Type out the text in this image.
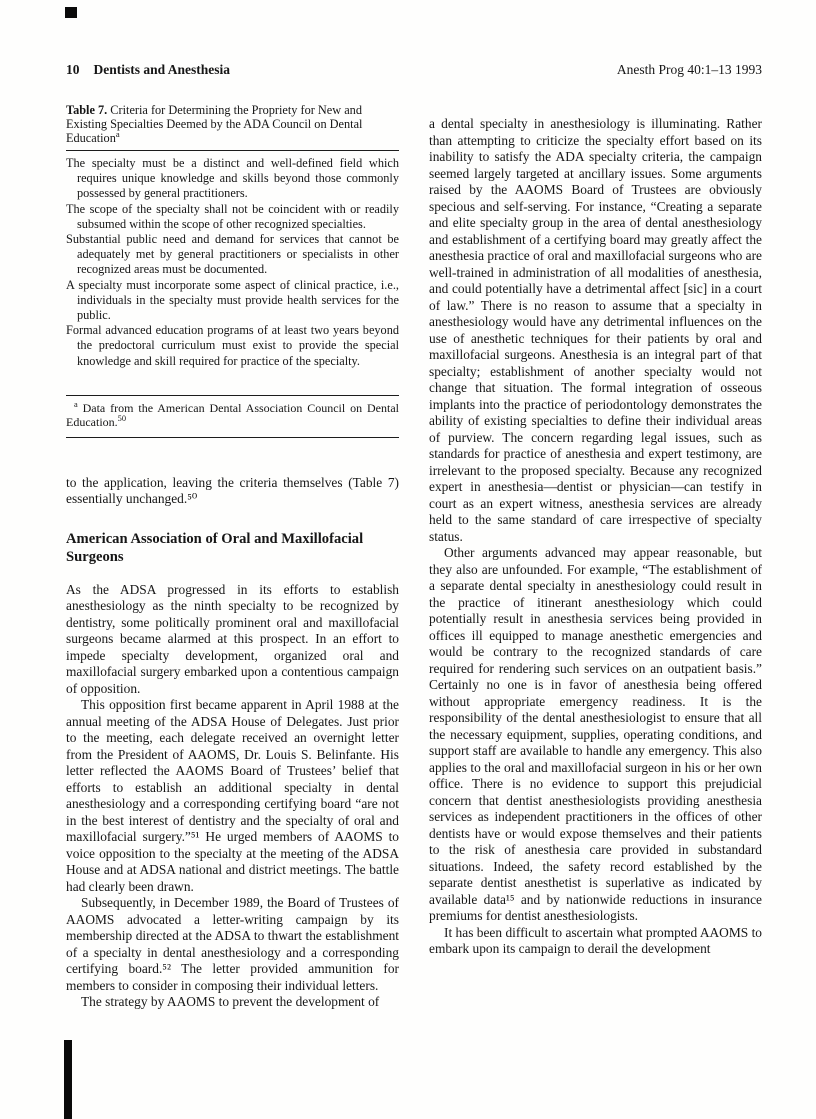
10 Dentists and Anesthesia	Anesth Prog 40:1–13 1993

Table 7. Criteria for Determining the Propriety for New and Existing Specialties Deemed by the ADA Council on Dental Education$^a$

The specialty must be a distinct and well-defined field which requires unique knowledge and skills beyond those commonly possessed by general practitioners.

The scope of the specialty shall not be coincident with or readily subsumed within the scope of other recognized specialties.

Substantial public need and demand for services that cannot be adequately met by general practitioners or specialists in other recognized areas must be documented.

A specialty must incorporate some aspect of clinical practice, i.e., individuals in the specialty must provide health services for the public.

Formal advanced education programs of at least two years beyond the predoctoral curriculum must exist to provide the special knowledge and skill required for practice of the specialty.

$^a$ Data from the American Dental Association Council on Dental Education.$^{50}$

to the application, leaving the criteria themselves (Table 7) essentially unchanged.⁵⁰

American Association of Oral and Maxillofacial Surgeons

As the ADSA progressed in its efforts to establish anesthesiology as the ninth specialty to be recognized by dentistry, some politically prominent oral and maxillofacial surgeons became alarmed at this prospect. In an effort to impede specialty development, organized oral and maxillofacial surgery embarked upon a contentious campaign of opposition.

This opposition first became apparent in April 1988 at the annual meeting of the ADSA House of Delegates. Just prior to the meeting, each delegate received an overnight letter from the President of AAOMS, Dr. Louis S. Belinfante. His letter reflected the AAOMS Board of Trustees’ belief that efforts to establish an additional specialty in dental anesthesiology and a corresponding certifying board “are not in the best interest of dentistry and the specialty of oral and maxillofacial surgery.”⁵¹ He urged members of AAOMS to voice opposition to the specialty at the meeting of the ADSA House and at ADSA national and district meetings. The battle had clearly been drawn.

Subsequently, in December 1989, the Board of Trustees of AAOMS advocated a letter-writing campaign by its membership directed at the ADSA to thwart the establishment of a specialty in dental anesthesiology and a corresponding certifying board.⁵² The letter provided ammunition for members to consider in composing their individual letters.

The strategy by AAOMS to prevent the development of

a dental specialty in anesthesiology is illuminating. Rather than attempting to criticize the specialty effort based on its inability to satisfy the ADA specialty criteria, the campaign seemed largely targeted at ancillary issues. Some arguments raised by the AAOMS Board of Trustees are obviously specious and self-serving. For instance, “Creating a separate and elite specialty group in the area of dental anesthesiology and establishment of a certifying board may greatly affect the anesthesia practice of oral and maxillofacial surgeons who are well-trained in administration of all modalities of anesthesia, and could potentially have a detrimental affect [sic] in a court of law.” There is no reason to assume that a specialty in anesthesiology would have any detrimental influences on the use of anesthetic techniques for their patients by oral and maxillofacial surgeons. Anesthesia is an integral part of that specialty; establishment of another specialty would not change that situation. The formal integration of osseous implants into the practice of periodontology demonstrates the ability of existing specialties to define their individual areas of purview. The concern regarding legal issues, such as standards for practice of anesthesia and expert testimony, are irrelevant to the proposed specialty. Because any recognized expert in anesthesia—dentist or physician—can testify in court as an expert witness, anesthesia services are already held to the same standard of care irrespective of specialty status.

Other arguments advanced may appear reasonable, but they also are unfounded. For example, “The establishment of a separate dental specialty in anesthesiology could result in the practice of itinerant anesthesiology which could potentially result in anesthesia services being provided in offices ill equipped to manage anesthetic emergencies and would be contrary to the recognized standards of care required for rendering such services on an outpatient basis.” Certainly no one is in favor of anesthesia being offered without appropriate emergency readiness. It is the responsibility of the dental anesthesiologist to ensure that all the necessary equipment, supplies, operating conditions, and support staff are available to handle any emergency. This also applies to the oral and maxillofacial surgeon in his or her own office. There is no evidence to support this prejudicial concern that dentist anesthesiologists providing anesthesia services as independent practitioners in the offices of other dentists have or would expose themselves and their patients to the risk of anesthesia care provided in substandard situations. Indeed, the safety record established by the separate dentist anesthetist is superlative as indicated by available data¹⁵ and by nationwide reductions in insurance premiums for dentist anesthesiologists.

It has been difficult to ascertain what prompted AAOMS to embark upon its campaign to derail the development
